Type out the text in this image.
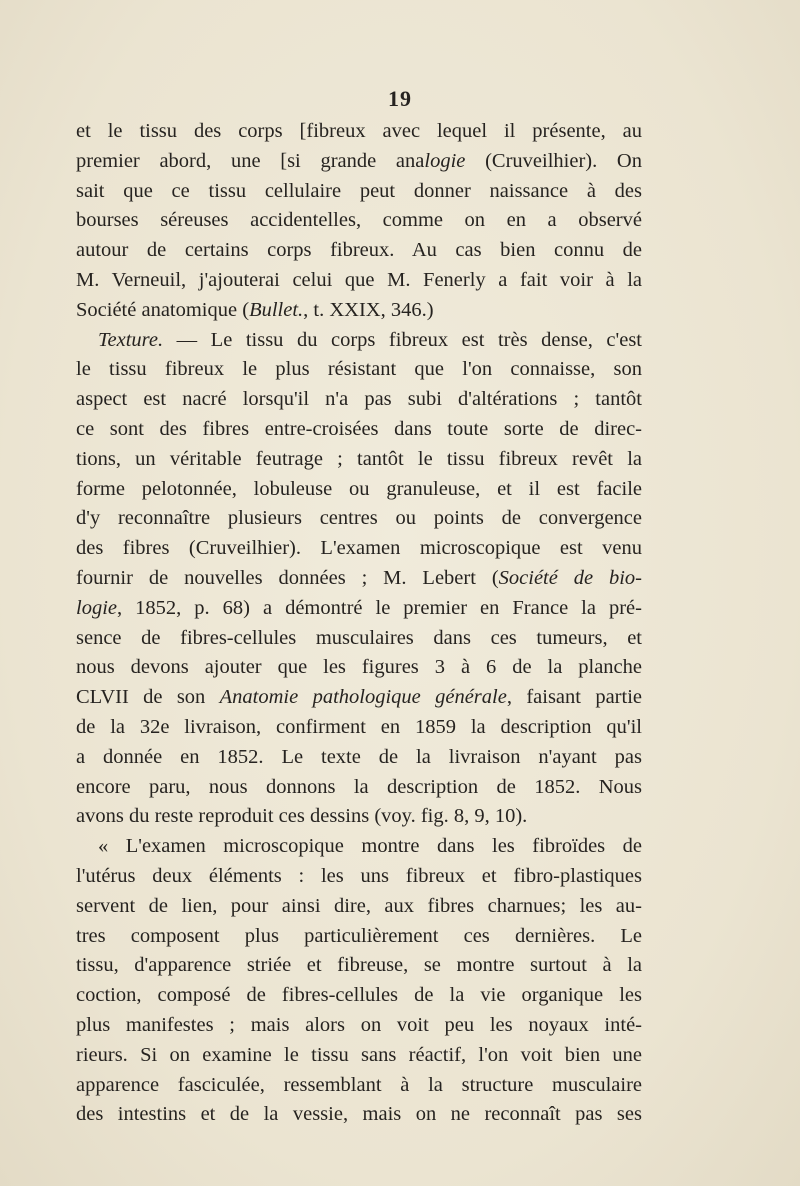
19
et le tissu des corps [fibreux avec lequel il présente, au
premier abord, une [si grande analogie (Cruveilhier). On
sait que ce tissu cellulaire peut donner naissance à des
bourses séreuses accidentelles, comme on en a observé
autour de certains corps fibreux. Au cas bien connu de
M. Verneuil, j'ajouterai celui que M. Fenerly a fait voir à la
Société anatomique (Bullet., t. XXIX, 346.)
Texture. — Le tissu du corps fibreux est très dense, c'est
le tissu fibreux le plus résistant que l'on connaisse, son
aspect est nacré lorsqu'il n'a pas subi d'altérations ; tantôt
ce sont des fibres entre-croisées dans toute sorte de direc-
tions, un véritable feutrage ; tantôt le tissu fibreux revêt la
forme pelotonnée, lobuleuse ou granuleuse, et il est facile
d'y reconnaître plusieurs centres ou points de convergence
des fibres (Cruveilhier). L'examen microscopique est venu
fournir de nouvelles données ; M. Lebert (Société de bio-
logie, 1852, p. 68) a démontré le premier en France la pré-
sence de fibres-cellules musculaires dans ces tumeurs, et
nous devons ajouter que les figures 3 à 6 de la planche
CLVII de son Anatomie pathologique générale, faisant partie
de la 32e livraison, confirment en 1859 la description qu'il
a donnée en 1852. Le texte de la livraison n'ayant pas
encore paru, nous donnons la description de 1852. Nous
avons du reste reproduit ces dessins (voy. fig. 8, 9, 10).
« L'examen microscopique montre dans les fibroïdes de
l'utérus deux éléments : les uns fibreux et fibro-plastiques
servent de lien, pour ainsi dire, aux fibres charnues; les au-
tres composent plus particulièrement ces dernières. Le
tissu, d'apparence striée et fibreuse, se montre surtout à la
coction, composé de fibres-cellules de la vie organique les
plus manifestes ; mais alors on voit peu les noyaux inté-
rieurs. Si on examine le tissu sans réactif, l'on voit bien une
apparence fasciculée, ressemblant à la structure musculaire
des intestins et de la vessie, mais on ne reconnaît pas ses
